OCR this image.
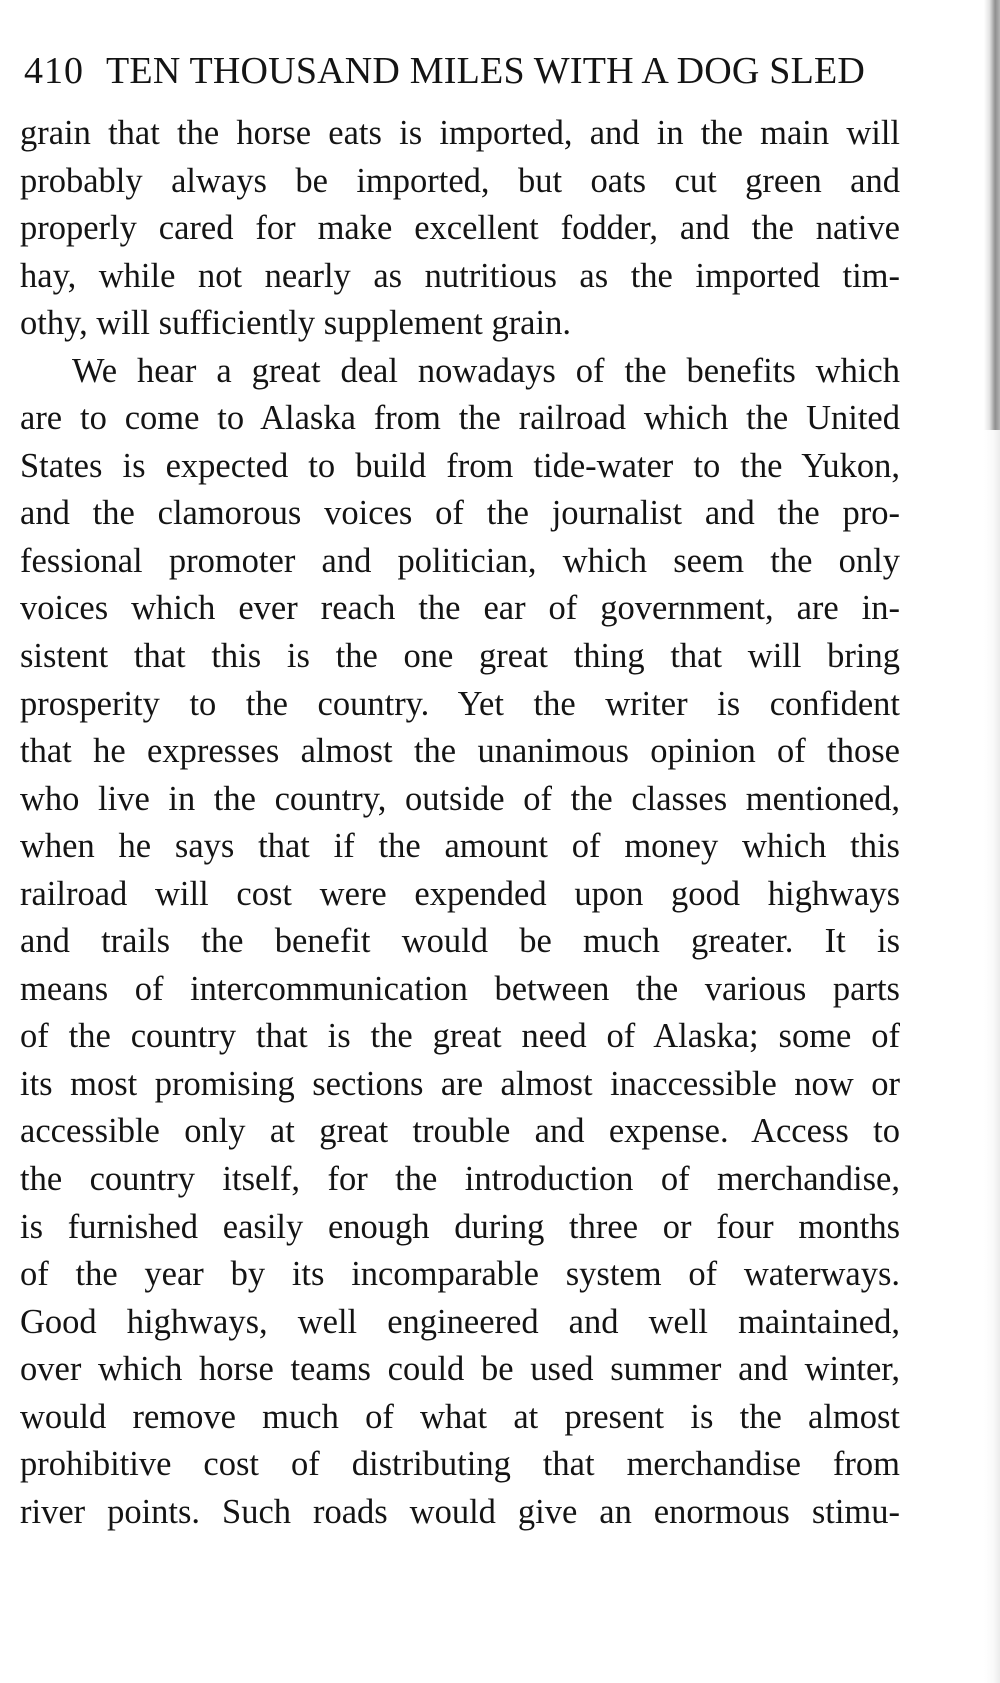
410 TEN THOUSAND MILES WITH A DOG SLED
grain that the horse eats is imported, and in the main will
probably always be imported, but oats cut green and
properly cared for make excellent fodder, and the native
hay, while not nearly as nutritious as the imported tim-
othy, will sufficiently supplement grain.
We hear a great deal nowadays of the benefits which
are to come to Alaska from the railroad which the United
States is expected to build from tide-water to the Yukon,
and the clamorous voices of the journalist and the pro-
fessional promoter and politician, which seem the only
voices which ever reach the ear of government, are in-
sistent that this is the one great thing that will bring
prosperity to the country. Yet the writer is confident
that he expresses almost the unanimous opinion of those
who live in the country, outside of the classes mentioned,
when he says that if the amount of money which this
railroad will cost were expended upon good highways
and trails the benefit would be much greater. It is
means of intercommunication between the various parts
of the country that is the great need of Alaska; some of
its most promising sections are almost inaccessible now or
accessible only at great trouble and expense. Access to
the country itself, for the introduction of merchandise,
is furnished easily enough during three or four months
of the year by its incomparable system of waterways.
Good highways, well engineered and well maintained,
over which horse teams could be used summer and winter,
would remove much of what at present is the almost
prohibitive cost of distributing that merchandise from
river points. Such roads would give an enormous stimu-
